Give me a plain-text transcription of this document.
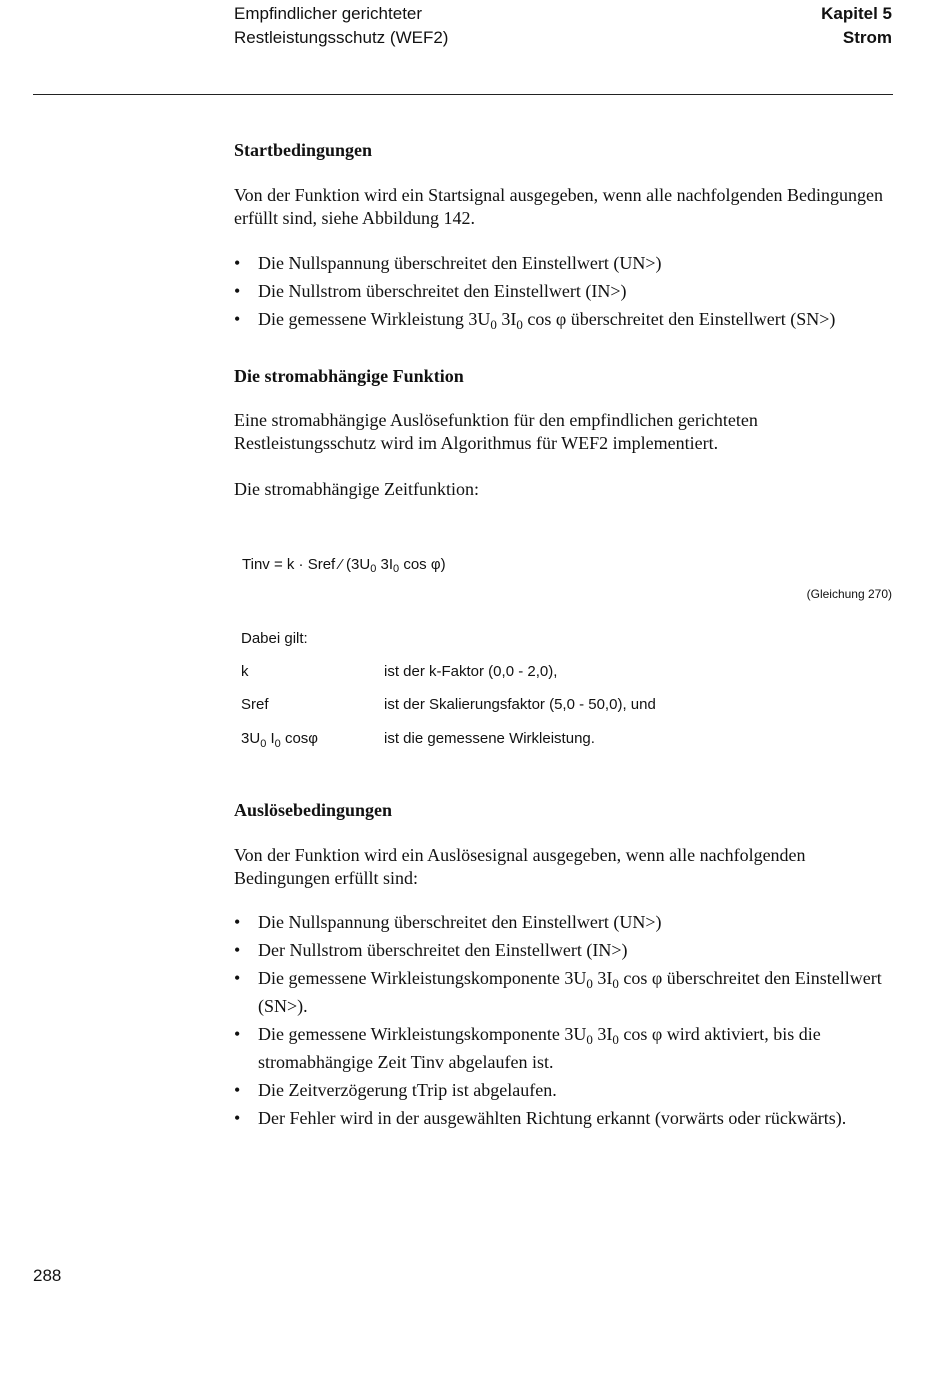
Empfindlicher gerichteter
Restleistungsschutz (WEF2)
Kapitel 5
Strom
Startbedingungen
Von der Funktion wird ein Startsignal ausgegeben, wenn alle nachfolgenden Bedingungen erfüllt sind, siehe Abbildung 142.
• Die Nullspannung überschreitet den Einstellwert (UN>)
• Die Nullstrom überschreitet den Einstellwert (IN>)
• Die gemessene Wirkleistung $3U_0$ $3I_0$ cos φ überschreitet den Einstellwert (SN>)
Die stromabhängige Funktion
Eine stromabhängige Auslösefunktion für den empfindlichen gerichteten Restleistungsschutz wird im Algorithmus für WEF2 implementiert.
Die stromabhängige Zeitfunktion:
Tinv = k · Sref ⁄ ($3U_0$ $3I_0$ cos φ)
(Gleichung 270)
Dabei gilt:
k	ist der k-Faktor (0,0 - 2,0),
Sref	ist der Skalierungsfaktor (5,0 - 50,0), und
$3U_0$ $I_0$ cosφ	ist die gemessene Wirkleistung.
Auslösebedingungen
Von der Funktion wird ein Auslösesignal ausgegeben, wenn alle nachfolgenden Bedingungen erfüllt sind:
• Die Nullspannung überschreitet den Einstellwert (UN>)
• Der Nullstrom überschreitet den Einstellwert (IN>)
• Die gemessene Wirkleistungskomponente $3U_0$ $3I_0$ cos φ überschreitet den Einstellwert (SN>).
• Die gemessene Wirkleistungskomponente $3U_0$ $3I_0$ cos φ wird aktiviert, bis die stromabhängige Zeit Tinv abgelaufen ist.
• Die Zeitverzögerung tTrip ist abgelaufen.
• Der Fehler wird in der ausgewählten Richtung erkannt (vorwärts oder rückwärts).
288
